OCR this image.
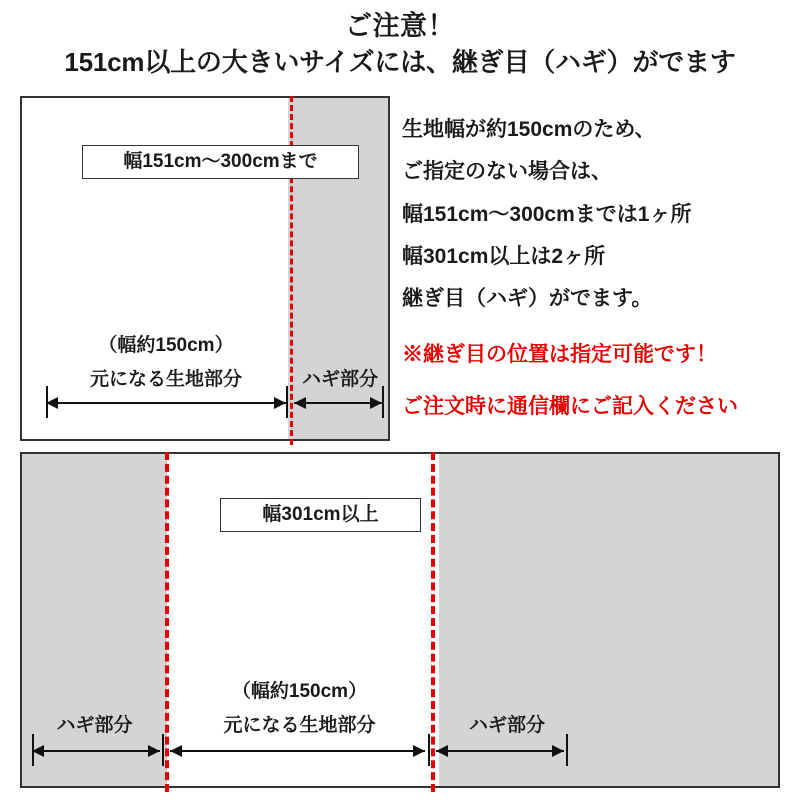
ご注意！
151cm以上の大きいサイズには、継ぎ目（ハギ）がでます
幅151cm〜300cmまで
（幅約150cm）
元になる生地部分	ハギ部分
生地幅が約150cmのため、
ご指定のない場合は、
幅151cm〜300cmまでは1ヶ所
幅301cm以上は2ヶ所
継ぎ目（ハギ）がでます。
※継ぎ目の位置は指定可能です！
ご注文時に通信欄にご記入ください
幅301cm以上
（幅約150cm）
元になる生地部分
ハギ部分	ハギ部分
